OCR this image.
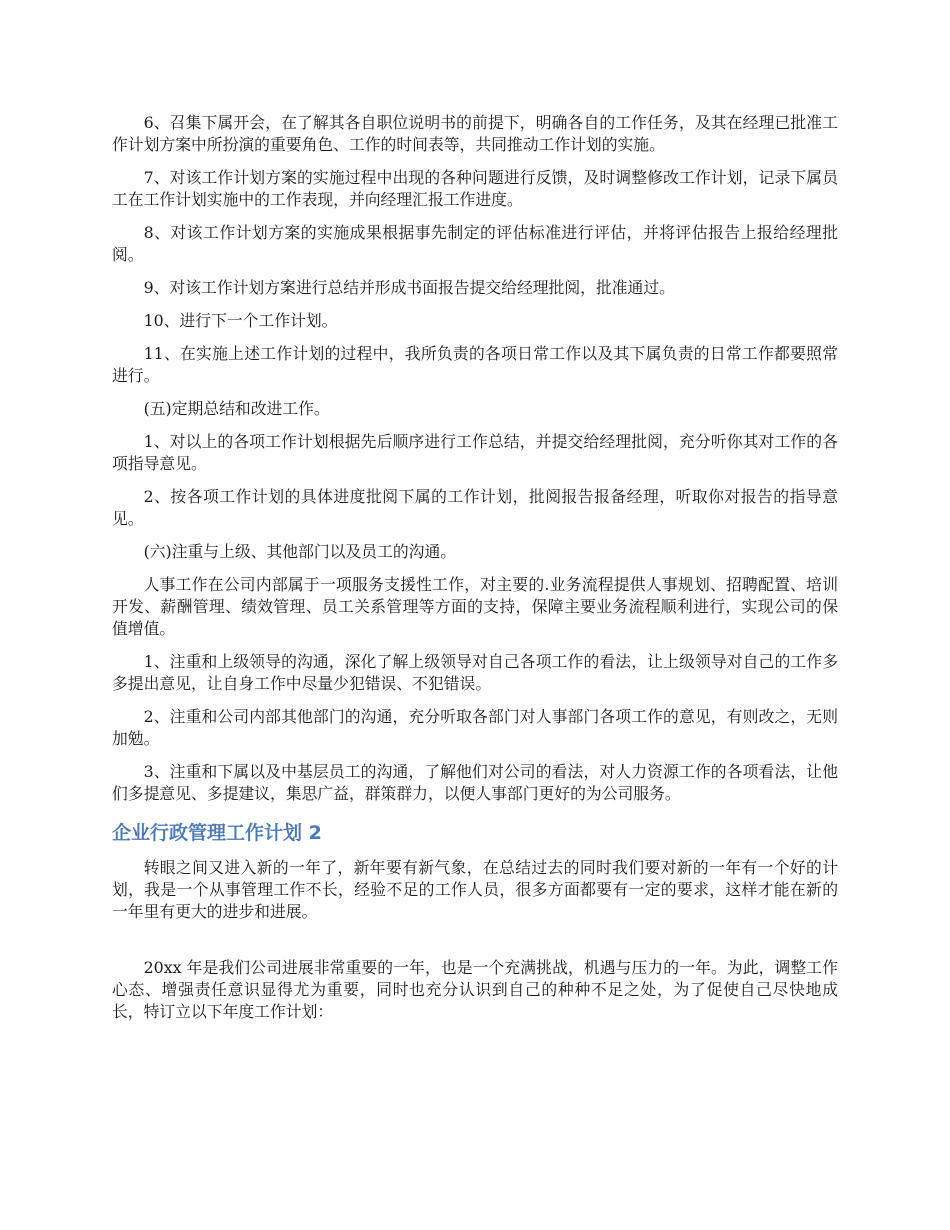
6、召集下属开会，在了解其各自职位说明书的前提下，明确各自的工作任务，及其在经理已批准工作计划方案中所扮演的重要角色、工作的时间表等，共同推动工作计划的实施。

7、对该工作计划方案的实施过程中出现的各种问题进行反馈，及时调整修改工作计划，记录下属员工在工作计划实施中的工作表现，并向经理汇报工作进度。

8、对该工作计划方案的实施成果根据事先制定的评估标准进行评估，并将评估报告上报给经理批阅。

9、对该工作计划方案进行总结并形成书面报告提交给经理批阅，批准通过。

10、进行下一个工作计划。

11、在实施上述工作计划的过程中，我所负责的各项日常工作以及其下属负责的日常工作都要照常进行。

(五)定期总结和改进工作。

1、对以上的各项工作计划根据先后顺序进行工作总结，并提交给经理批阅，充分听你其对工作的各项指导意见。

2、按各项工作计划的具体进度批阅下属的工作计划，批阅报告报备经理，听取你对报告的指导意见。

(六)注重与上级、其他部门以及员工的沟通。

人事工作在公司内部属于一项服务支援性工作，对主要的.业务流程提供人事规划、招聘配置、培训开发、薪酬管理、绩效管理、员工关系管理等方面的支持，保障主要业务流程顺利进行，实现公司的保值增值。

1、注重和上级领导的沟通，深化了解上级领导对自己各项工作的看法，让上级领导对自己的工作多多提出意见，让自身工作中尽量少犯错误、不犯错误。

2、注重和公司内部其他部门的沟通，充分听取各部门对人事部门各项工作的意见，有则改之，无则加勉。

3、注重和下属以及中基层员工的沟通，了解他们对公司的看法，对人力资源工作的各项看法，让他们多提意见、多提建议，集思广益，群策群力，以便人事部门更好的为公司服务。

企业行政管理工作计划 2

转眼之间又进入新的一年了，新年要有新气象，在总结过去的同时我们要对新的一年有一个好的计划，我是一个从事管理工作不长，经验不足的工作人员，很多方面都要有一定的要求，这样才能在新的一年里有更大的进步和进展。

20xx 年是我们公司进展非常重要的一年，也是一个充满挑战，机遇与压力的一年。为此，调整工作心态、增强责任意识显得尤为重要，同时也充分认识到自己的种种不足之处，为了促使自己尽快地成长，特订立以下年度工作计划：
